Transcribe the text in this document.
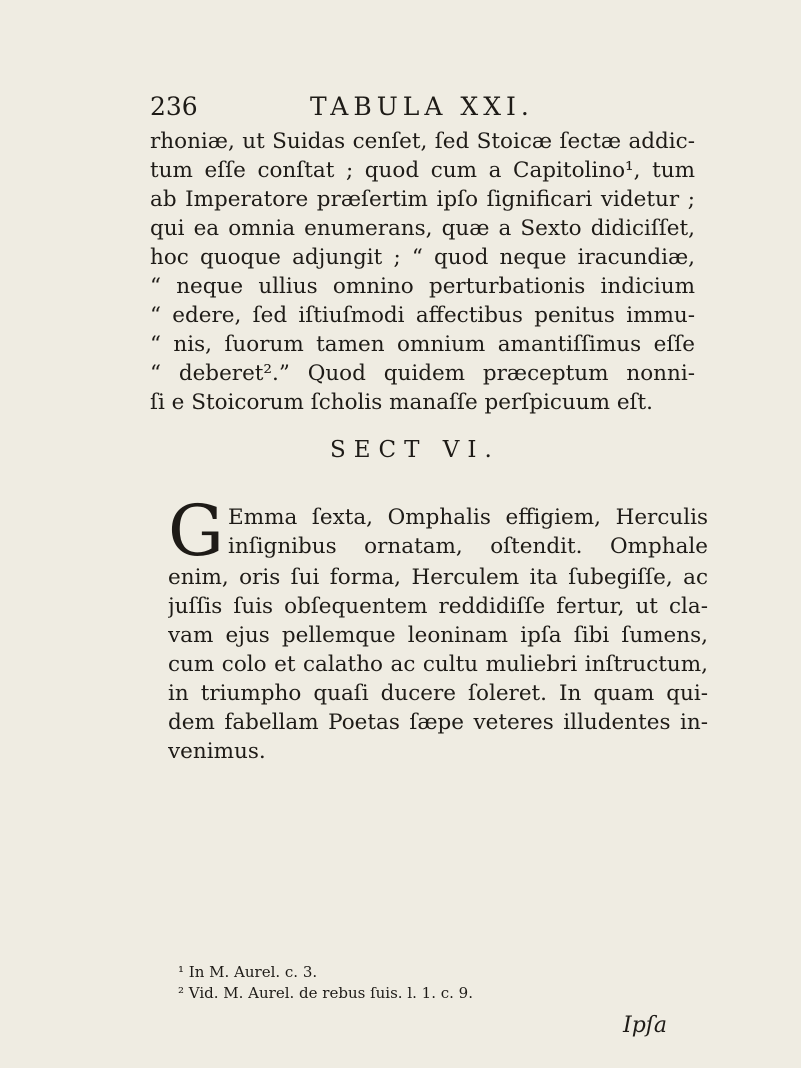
236	TABULA XXI.
rhoniæ, ut Suidas cenſet, ſed Stoicæ ſectæ addic-
tum eſſe conſtat ; quod cum a Capitolino¹, tum
ab Imperatore præſertim ipſo ſignificari videtur ;
qui ea omnia enumerans, quæ a Sexto didiciſſet,
hoc quoque adjungit ; “ quod neque iracundiæ,
“ neque ullius omnino perturbationis indicium
“ edere, ſed iſtiuſmodi affectibus penitus immu-
“ nis, ſuorum tamen omnium amantiſſimus eſſe
“ deberet².” Quod quidem præceptum nonni-
ſi e Stoicorum ſcholis manaſſe perſpicuum eſt.
SECT VI.
G Emma ſexta, Omphalis effigiem, Herculis
inſignibus ornatam, oſtendit. Omphale
enim, oris ſui forma, Herculem ita ſubegiſſe, ac
juſſis ſuis obſequentem reddidiſſe fertur, ut cla-
vam ejus pellemque leoninam ipſa ſibi ſumens,
cum colo et calatho ac cultu muliebri inſtructum,
in triumpho quaſi ducere ſoleret. In quam qui-
dem fabellam Poetas ſæpe veteres illudentes in-
venimus.
¹ In M. Aurel. c. 3.
² Vid. M. Aurel. de rebus ſuis. l. 1. c. 9.
Ipſa
